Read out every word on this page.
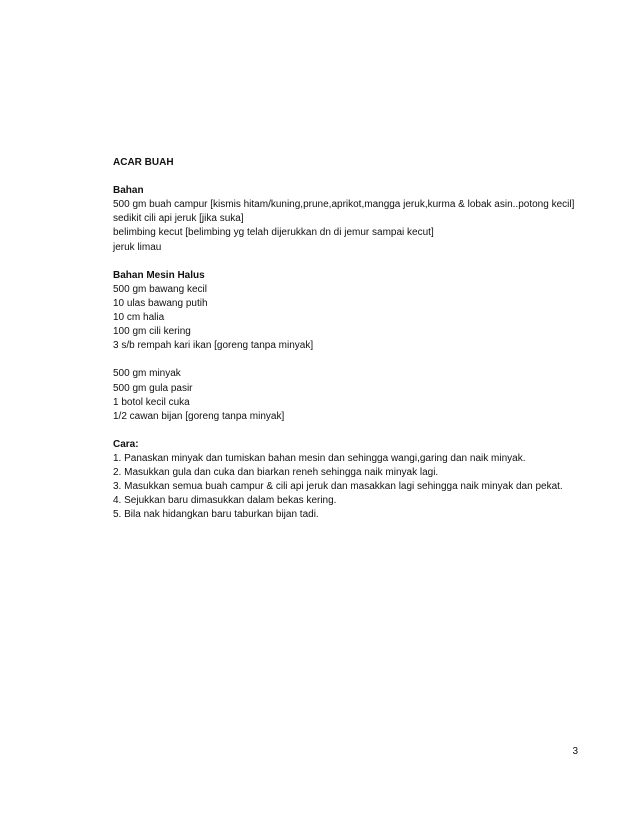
ACAR BUAH
Bahan
500 gm buah campur [kismis hitam/kuning,prune,aprikot,mangga jeruk,kurma & lobak asin..potong kecil]
sedikit cili api jeruk [jika suka]
belimbing kecut [belimbing yg telah dijerukkan dn di jemur sampai kecut]
jeruk limau
Bahan Mesin Halus
500 gm bawang kecil
10 ulas bawang putih
10 cm halia
100 gm cili kering
3 s/b rempah kari ikan [goreng tanpa minyak]
500 gm minyak
500 gm gula pasir
1 botol kecil cuka
1/2 cawan bijan [goreng tanpa minyak]
Cara:
1. Panaskan minyak dan tumiskan bahan mesin dan sehingga wangi,garing dan naik minyak.
2. Masukkan gula dan cuka dan biarkan reneh sehingga naik minyak lagi.
3. Masukkan semua buah campur & cili api jeruk dan masakkan lagi sehingga naik minyak dan pekat.
4. Sejukkan baru dimasukkan dalam bekas kering.
5. Bila nak hidangkan baru taburkan bijan tadi.
3
